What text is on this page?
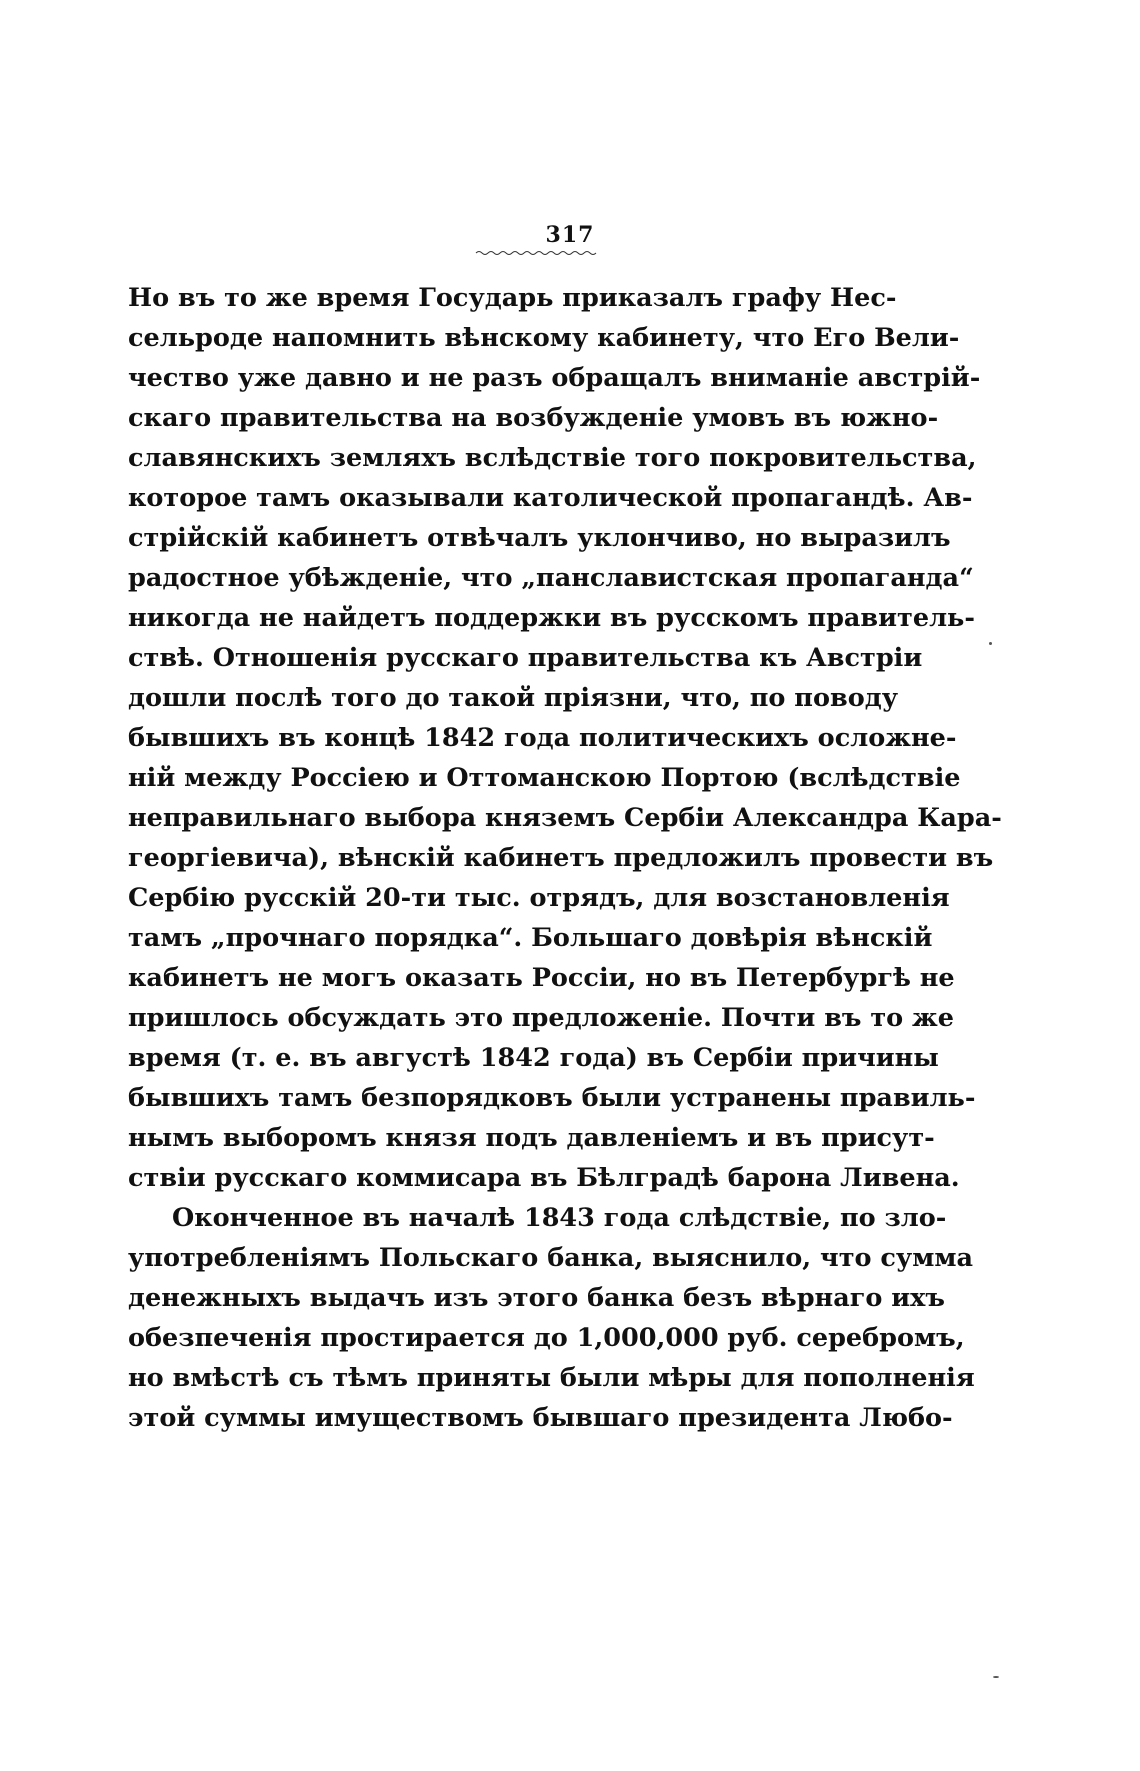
317
Но въ то же время Государь приказалъ графу Нес-
сельроде напомнить вѣнскому кабинету, что Его Вели-
чество уже давно и не разъ обращалъ вниманіе австрій-
скаго правительства на возбужденіе умовъ въ южно-
славянскихъ земляхъ вслѣдствіе того покровительства,
которое тамъ оказывали католической пропагандѣ. Ав-
стрійскій кабинетъ отвѣчалъ уклончиво, но выразилъ
радостное убѣжденіе, что „панславистская пропаганда“
никогда не найдетъ поддержки въ русскомъ правитель-
ствѣ. Отношенія русскаго правительства къ Австріи
дошли послѣ того до такой пріязни, что, по поводу
бывшихъ въ концѣ 1842 года политическихъ осложне-
ній между Россіею и Оттоманскою Портою (вслѣдствіе
неправильнаго выбора княземъ Сербіи Александра Кара-
георгіевича), вѣнскій кабинетъ предложилъ провести въ
Сербію русскій 20-ти тыс. отрядъ, для возстановленія
тамъ „прочнаго порядка“. Большаго довѣрія вѣнскій
кабинетъ не могъ оказать Россіи, но въ Петербургѣ не
пришлось обсуждать это предложеніе. Почти въ то же
время (т. е. въ августѣ 1842 года) въ Сербіи причины
бывшихъ тамъ безпорядковъ были устранены правиль-
нымъ выборомъ князя подъ давленіемъ и въ присут-
ствіи русскаго коммисара въ Бѣлградѣ барона Ливена.
Оконченное въ началѣ 1843 года слѣдствіе, по зло-
употребленіямъ Польскаго банка, выяснило, что сумма
денежныхъ выдачъ изъ этого банка безъ вѣрнаго ихъ
обезпеченія простирается до 1,000,000 руб. серебромъ,
но вмѣстѣ съ тѣмъ приняты были мѣры для пополненія
этой суммы имуществомъ бывшаго президента Любо-
